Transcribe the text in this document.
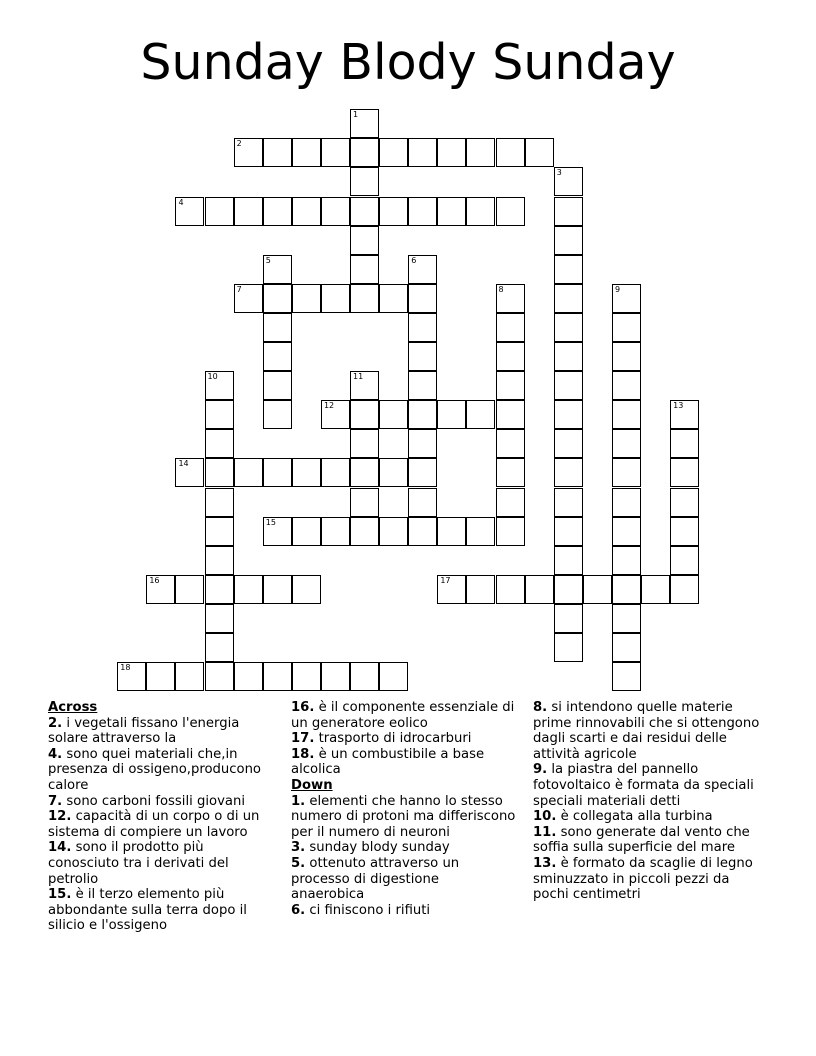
Sunday Blody Sunday
1
2
3
4
5	6
7	8	9
10	11
12	13
14
15
16	17
18

Across

2. i vegetali fissano l'energia solare attraverso la

4. sono quei materiali che,in presenza di ossigeno,producono calore

7. sono carboni fossili giovani

12. capacità di un corpo o di un sistema di compiere un lavoro

14. sono il prodotto più conosciuto tra i derivati del petrolio

15. è il terzo elemento più abbondante sulla terra dopo il silicio e l'ossigeno

16. è il componente essenziale di un generatore eolico

17. trasporto di idrocarburi

18. è un combustibile a base alcolica

Down

1. elementi che hanno lo stesso numero di protoni ma differiscono per il numero di neuroni

3. sunday blody sunday

5. ottenuto attraverso un processo di digestione anaerobica

6. ci finiscono i rifiuti

8. si intendono quelle materie prime rinnovabili che si ottengono dagli scarti e dai residui delle attività agricole

9. la piastra del pannello fotovoltaico è formata da speciali speciali materiali detti

10. è collegata alla turbina

11. sono generate dal vento che soffia sulla superficie del mare

13. è formato da scaglie di legno sminuzzato in piccoli pezzi da pochi centimetri
